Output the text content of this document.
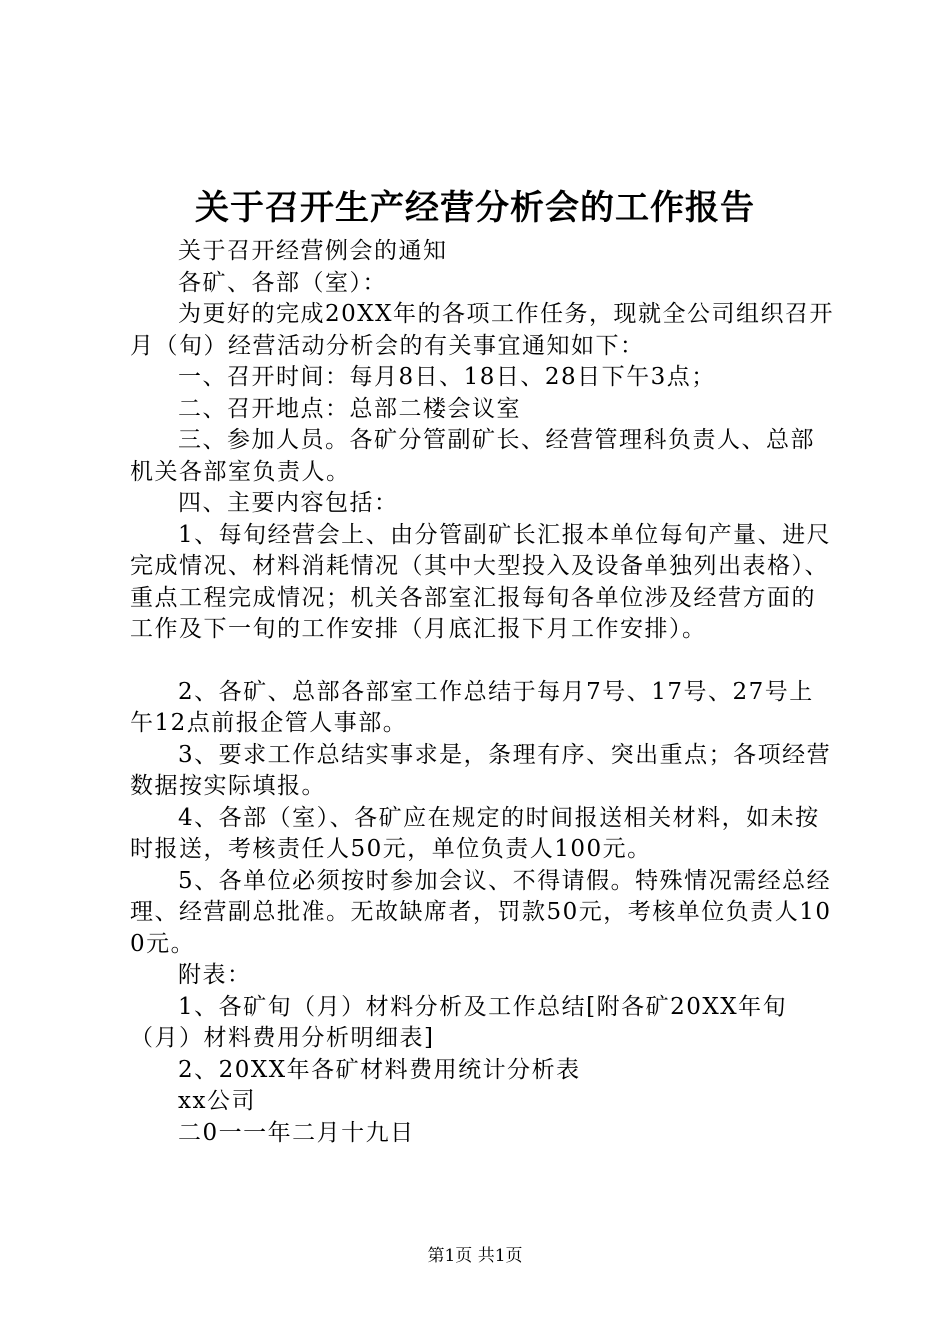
关于召开生产经营分析会的工作报告

关于召开经营例会的通知

各矿、各部（室）：

为更好的完成20XX年的各项工作任务，现就全公司组织召开月（旬）经营活动分析会的有关事宜通知如下：

一、召开时间：每月8日、18日、28日下午3点；

二、召开地点：总部二楼会议室

三、参加人员。各矿分管副矿长、经营管理科负责人、总部机关各部室负责人。

四、主要内容包括：

1、每旬经营会上、由分管副矿长汇报本单位每旬产量、进尺完成情况、材料消耗情况（其中大型投入及设备单独列出表格）、重点工程完成情况；机关各部室汇报每旬各单位涉及经营方面的工作及下一旬的工作安排（月底汇报下月工作安排）。

2、各矿、总部各部室工作总结于每月7号、17号、27号上午12点前报企管人事部。

3、要求工作总结实事求是，条理有序、突出重点；各项经营数据按实际填报。

4、各部（室）、各矿应在规定的时间报送相关材料，如未按时报送，考核责任人50元，单位负责人100元。

5、各单位必须按时参加会议、不得请假。特殊情况需经总经理、经营副总批准。无故缺席者，罚款50元，考核单位负责人100元。

附表：

1、各矿旬（月）材料分析及工作总结[附各矿20XX年旬（月）材料费用分析明细表]

2、20XX年各矿材料费用统计分析表

xx公司

二0一一年二月十九日

第1页 共1页
